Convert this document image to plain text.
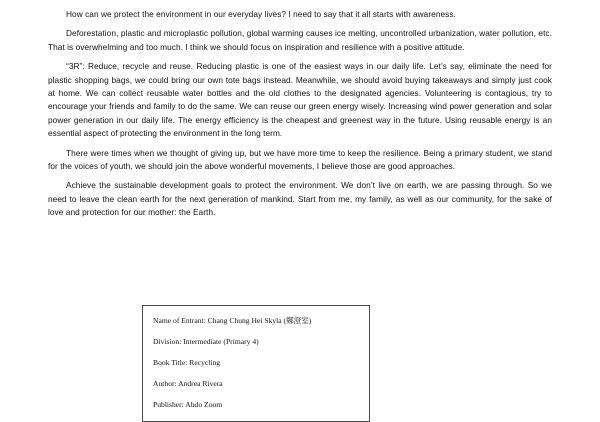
How can we protect the environment in our everyday lives? I need to say that it all starts with awareness.

Deforestation, plastic and microplastic pollution, global warming causes ice melting, uncontrolled urbanization, water pollution, etc. That is overwhelming and too much. I think we should focus on inspiration and resilience with a positive attitude.

“3R”: Reduce, recycle and reuse. Reducing plastic is one of the easiest ways in our daily life. Let’s say, eliminate the need for plastic shopping bags, we could bring our own tote bags instead. Meanwhile, we should avoid buying takeaways and simply just cook at home. We can collect reusable water bottles and the old clothes to the designated agencies. Volunteering is contagious, try to encourage your friends and family to do the same. We can reuse our green energy wisely. Increasing wind power generation and solar power generation in our daily life. The energy efficiency is the cheapest and greenest way in the future. Using reusable energy is an essential aspect of protecting the environment in the long term.

There were times when we thought of giving up, but we have more time to keep the resilience. Being a primary student, we stand for the voices of youth, we should join the above wonderful movements, I believe those are good approaches.

Achieve the sustainable development goals to protect the environment. We don’t live on earth, we are passing through. So we need to leave the clean earth for the next generation of mankind. Start from me, my family, as well as our community, for the sake of love and protection for our mother: the Earth.

Name of Entrant: Chang Chung Hei Skyla (鄭澄室)
Division: Intermediate (Primary 4)
Book Title: Recycling
Author: Andrea Rivera
Publisher: Abdo Zoom
